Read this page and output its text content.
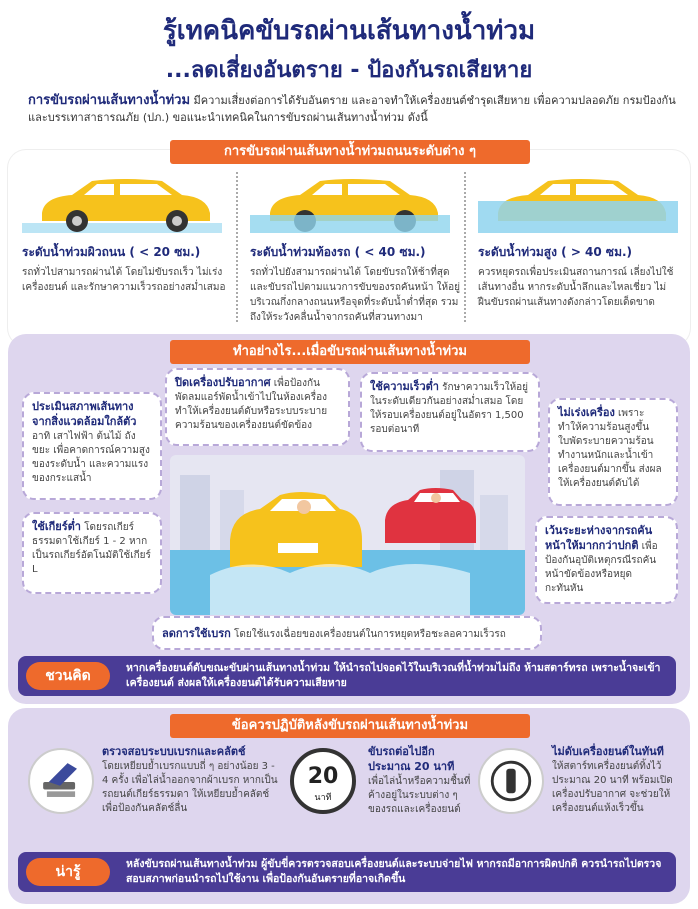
รู้เทคนิคขับรถผ่านเส้นทางน้ำท่วม
...ลดเสี่ยงอันตราย - ป้องกันรถเสียหาย
การขับรถผ่านเส้นทางน้ำท่วม มีความเสี่ยงต่อการได้รับอันตราย และอาจทำให้เครื่องยนต์ชำรุดเสียหาย เพื่อความปลอดภัย กรมป้องกันและบรรเทาสาธารณภัย (ปภ.) ขอแนะนำเทคนิคในการขับรถผ่านเส้นทางน้ำท่วม ดังนี้
การขับรถผ่านเส้นทางน้ำท่วมถนนระดับต่าง ๆ
ระดับน้ำท่วมผิวถนน ( < 20 ซม.)
รถทั่วไปสามารถผ่านได้ โดยไม่ขับรถเร็ว ไม่เร่งเครื่องยนต์ และรักษาความเร็วรถอย่างสม่ำเสมอ
ระดับน้ำท่วมท้องรถ ( < 40 ซม.)
รถทั่วไปยังสามารถผ่านได้ โดยขับรถให้ช้าที่สุด และขับรถไปตามแนวการขับของรถคันหน้า ให้อยู่บริเวณกึ่งกลางถนนหรือจุดที่ระดับน้ำต่ำที่สุด รวมถึงให้ระวังคลื่นน้ำจากรถคันที่สวนทางมา
ระดับน้ำท่วมสูง ( > 40 ซม.)
ควรหยุดรถเพื่อประเมินสถานการณ์ เลี่ยงไปใช้เส้นทางอื่น หากระดับน้ำลึกและไหลเชี่ยว ไม่ฝืนขับรถผ่านเส้นทางดังกล่าวโดยเด็ดขาด
ทำอย่างไร...เมื่อขับรถผ่านเส้นทางน้ำท่วม
ปิดเครื่องปรับอากาศ เพื่อป้องกันพัดลมแอร์พัดน้ำเข้าไปในห้องเครื่อง ทำให้เครื่องยนต์ดับหรือระบบระบายความร้อนของเครื่องยนต์ขัดข้อง
ใช้ความเร็วต่ำ รักษาความเร็วให้อยู่ในระดับเดียวกันอย่างสม่ำเสมอ โดยให้รอบเครื่องยนต์อยู่ในอัตรา 1,500 รอบต่อนาที
ประเมินสภาพเส้นทางจากสิ่งแวดล้อมใกล้ตัว อาทิ เสาไฟฟ้า ต้นไม้ ถังขยะ เพื่อคาดการณ์ความสูงของระดับน้ำ และความแรงของกระแสน้ำ
ไม่เร่งเครื่อง เพราะทำให้ความร้อนสูงขึ้น ใบพัดระบายความร้อนทำงานหนักและน้ำเข้าเครื่องยนต์มากขึ้น ส่งผลให้เครื่องยนต์ดับได้
ใช้เกียร์ต่ำ โดยรถเกียร์ธรรมดาใช้เกียร์ 1 - 2 หากเป็นรถเกียร์อัตโนมัติใช้เกียร์ L
เว้นระยะห่างจากรถคันหน้าให้มากกว่าปกติ เพื่อป้องกันอุบัติเหตุกรณีรถคันหน้าขัดข้องหรือหยุดกะทันหัน
ลดการใช้เบรก โดยใช้แรงเฉื่อยของเครื่องยนต์ในการหยุดหรือชะลอความเร็วรถ
ชวนคิด	หากเครื่องยนต์ดับขณะขับผ่านเส้นทางน้ำท่วม ให้นำรถไปจอดไว้ในบริเวณที่น้ำท่วมไม่ถึง ห้ามสตาร์ทรถ เพราะน้ำจะเข้าเครื่องยนต์ ส่งผลให้เครื่องยนต์ได้รับความเสียหาย
ข้อควรปฏิบัติหลังขับรถผ่านเส้นทางน้ำท่วม
ตรวจสอบระบบเบรกและคลัตช์
โดยเหยียบย้ำเบรกแบบถี่ ๆ อย่างน้อย 3 - 4 ครั้ง เพื่อไล่น้ำออกจากผ้าเบรก หากเป็นรถยนต์เกียร์ธรรมดา ให้เหยียบย้ำคลัตช์เพื่อป้องกันคลัตช์ลื่น
20
นาที
ขับรถต่อไปอีกประมาณ 20 นาที
เพื่อไล่น้ำหรือความชื้นที่ค้างอยู่ในระบบต่าง ๆ ของรถและเครื่องยนต์
ไม่ดับเครื่องยนต์ในทันที
ให้สตาร์ทเครื่องยนต์ทิ้งไว้ประมาณ 20 นาที พร้อมเปิดเครื่องปรับอากาศ จะช่วยให้เครื่องยนต์แห้งเร็วขึ้น
น่ารู้	หลังขับรถผ่านเส้นทางน้ำท่วม ผู้ขับขี่ควรตรวจสอบเครื่องยนต์และระบบจ่ายไฟ หากรถมีอาการผิดปกติ ควรนำรถไปตรวจสอบสภาพก่อนนำรถไปใช้งาน เพื่อป้องกันอันตรายที่อาจเกิดขึ้น
